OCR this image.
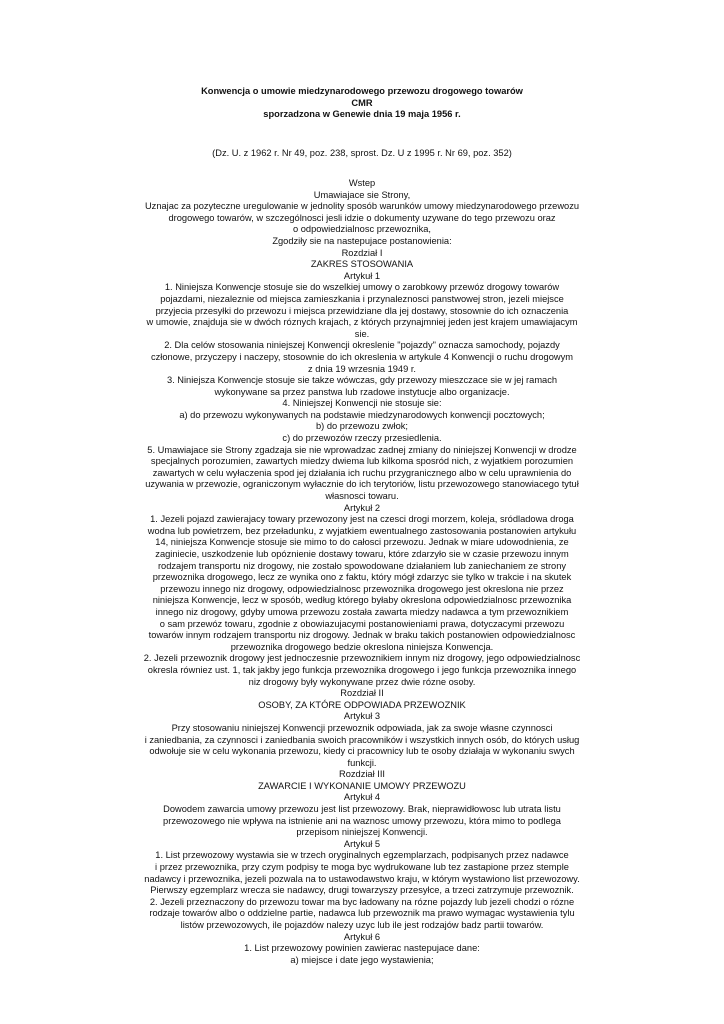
Konwencja o umowie miedzynarodowego przewozu drogowego towarów

CMR

sporzadzona w Genewie dnia 19 maja 1956 r.

(Dz. U. z 1962 r. Nr 49, poz. 238, sprost. Dz. U z 1995 r. Nr 69, poz. 352)

Wstep

Umawiajace sie Strony,

Uznajac za pozyteczne uregulowanie w jednolity sposób warunków umowy miedzynarodowego przewozu

drogowego towarów, w szczególnosci jesli idzie o dokumenty uzywane do tego przewozu oraz

o odpowiedzialnosc przewoznika,

Zgodziły sie na nastepujace postanowienia:

Rozdział I

ZAKRES STOSOWANIA

Artykuł 1

1. Niniejsza Konwencje stosuje sie do wszelkiej umowy o zarobkowy przewóz drogowy towarów

pojazdami, niezaleznie od miejsca zamieszkania i przynaleznosci panstwowej stron, jezeli miejsce

przyjecia przesyłki do przewozu i miejsca przewidziane dla jej dostawy, stosownie do ich oznaczenia

w umowie, znajduja sie w dwóch róznych krajach, z których przynajmniej jeden jest krajem umawiajacym

sie.

2. Dla celów stosowania niniejszej Konwencji okreslenie "pojazdy" oznacza samochody, pojazdy

członowe, przyczepy i naczepy, stosownie do ich okreslenia w artykule 4 Konwencji o ruchu drogowym

z dnia 19 wrzesnia 1949 r.

3. Niniejsza Konwencje stosuje sie takze wówczas, gdy przewozy mieszczace sie w jej ramach

wykonywane sa przez panstwa lub rzadowe instytucje albo organizacje.

4. Niniejszej Konwencji nie stosuje sie:

a) do przewozu wykonywanych na podstawie miedzynarodowych konwencji pocztowych;

b) do przewozu zwłok;

c) do przewozów rzeczy przesiedlenia.

5. Umawiajace sie Strony zgadzaja sie nie wprowadzac zadnej zmiany do niniejszej Konwencji w drodze

specjalnych porozumien, zawartych miedzy dwiema lub kilkoma sposród nich, z wyjatkiem porozumien

zawartych w celu wyłaczenia spod jej działania ich ruchu przygranicznego albo w celu uprawnienia do

uzywania w przewozie, ograniczonym wyłacznie do ich terytoriów, listu przewozowego stanowiacego tytuł

własnosci towaru.

Artykuł 2

1. Jezeli pojazd zawierajacy towary przewozony jest na czesci drogi morzem, koleja, sródladowa droga

wodna lub powietrzem, bez przeładunku, z wyjatkiem ewentualnego zastosowania postanowien artykułu

14, niniejsza Konwencje stosuje sie mimo to do całosci przewozu. Jednak w miare udowodnienia, ze

zaginiecie, uszkodzenie lub opóznienie dostawy towaru, które zdarzyło sie w czasie przewozu innym

rodzajem transportu niz drogowy, nie zostało spowodowane działaniem lub zaniechaniem ze strony

przewoznika drogowego, lecz ze wynika ono z faktu, który mógł zdarzyc sie tylko w trakcie i na skutek

przewozu innego niz drogowy, odpowiedzialnosc przewoznika drogowego jest okreslona nie przez

niniejsza Konwencje, lecz w sposób, według którego byłaby okreslona odpowiedzialnosc przewoznika

innego niz drogowy, gdyby umowa przewozu została zawarta miedzy nadawca a tym przewoznikiem

o sam przewóz towaru, zgodnie z obowiazujacymi postanowieniami prawa, dotyczacymi przewozu

towarów innym rodzajem transportu niz drogowy. Jednak w braku takich postanowien odpowiedzialnosc

przewoznika drogowego bedzie okreslona niniejsza Konwencja.

2. Jezeli przewoznik drogowy jest jednoczesnie przewoznikiem innym niz drogowy, jego odpowiedzialnosc

okresla równiez ust. 1, tak jakby jego funkcja przewoznika drogowego i jego funkcja przewoznika innego

niz drogowy były wykonywane przez dwie rózne osoby.

Rozdział II

OSOBY, ZA KTÓRE ODPOWIADA PRZEWOZNIK

Artykuł 3

Przy stosowaniu niniejszej Konwencji przewoznik odpowiada, jak za swoje własne czynnosci

i zaniedbania, za czynnosci i zaniedbania swoich pracowników i wszystkich innych osób, do których usług

odwołuje sie w celu wykonania przewozu, kiedy ci pracownicy lub te osoby działaja w wykonaniu swych

funkcji.

Rozdział III

ZAWARCIE I WYKONANIE UMOWY PRZEWOZU

Artykuł 4

Dowodem zawarcia umowy przewozu jest list przewozowy. Brak, nieprawidłowosc lub utrata listu

przewozowego nie wpływa na istnienie ani na waznosc umowy przewozu, która mimo to podlega

przepisom niniejszej Konwencji.

Artykuł 5

1. List przewozowy wystawia sie w trzech oryginalnych egzemplarzach, podpisanych przez nadawce

i przez przewoznika, przy czym podpisy te moga byc wydrukowane lub tez zastapione przez stemple

nadawcy i przewoznika, jezeli pozwala na to ustawodawstwo kraju, w którym wystawiono list przewozowy.

Pierwszy egzemplarz wrecza sie nadawcy, drugi towarzyszy przesyłce, a trzeci zatrzymuje przewoznik.

2. Jezeli przeznaczony do przewozu towar ma byc ładowany na rózne pojazdy lub jezeli chodzi o rózne

rodzaje towarów albo o oddzielne partie, nadawca lub przewoznik ma prawo wymagac wystawienia tylu

listów przewozowych, ile pojazdów nalezy uzyc lub ile jest rodzajów badz partii towarów.

Artykuł 6

1. List przewozowy powinien zawierac nastepujace dane:

a) miejsce i date jego wystawienia;
